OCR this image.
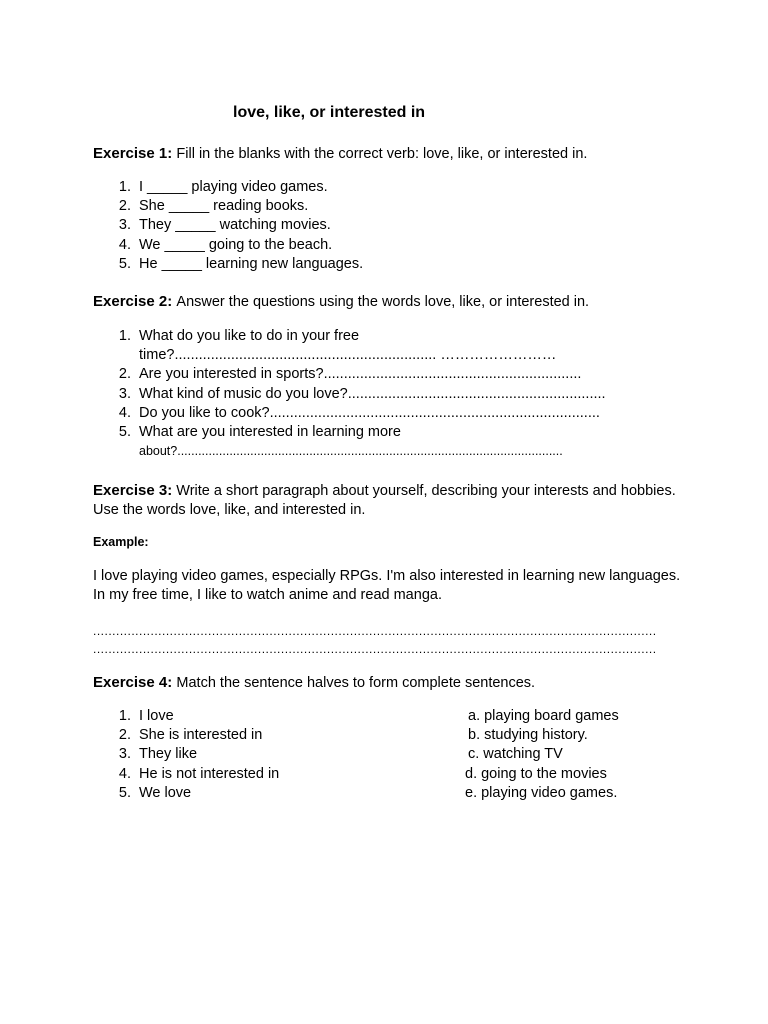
love, like, or interested in
Exercise 1: Fill in the blanks with the correct verb: love, like, or interested in.
1. I _____ playing video games.
2. She _____ reading books.
3. They _____ watching movies.
4. We _____ going to the beach.
5. He _____ learning new languages.
Exercise 2: Answer the questions using the words love, like, or interested in.
1. What do you like to do in your free
time?................................................................. ……………………
2. Are you interested in sports?................................................................
3. What kind of music do you love?................................................................
4. Do you like to cook?..................................................................................
5. What are you interested in learning more
about?...............................................................................................................
Exercise 3: Write a short paragraph about yourself, describing your interests and hobbies. Use the words love, like, and interested in.
Example:
I love playing video games, especially RPGs. I'm also interested in learning new languages. In my free time, I like to watch anime and read manga.
...................................................................................................................................................
...................................................................................................................................................
Exercise 4: Match the sentence halves to form complete sentences.
1. I love
2. She is interested in
3. They like
4. He is not interested in
5. We love
a. playing board games
b. studying history.
c. watching TV
d. going to the movies
e. playing video games.
